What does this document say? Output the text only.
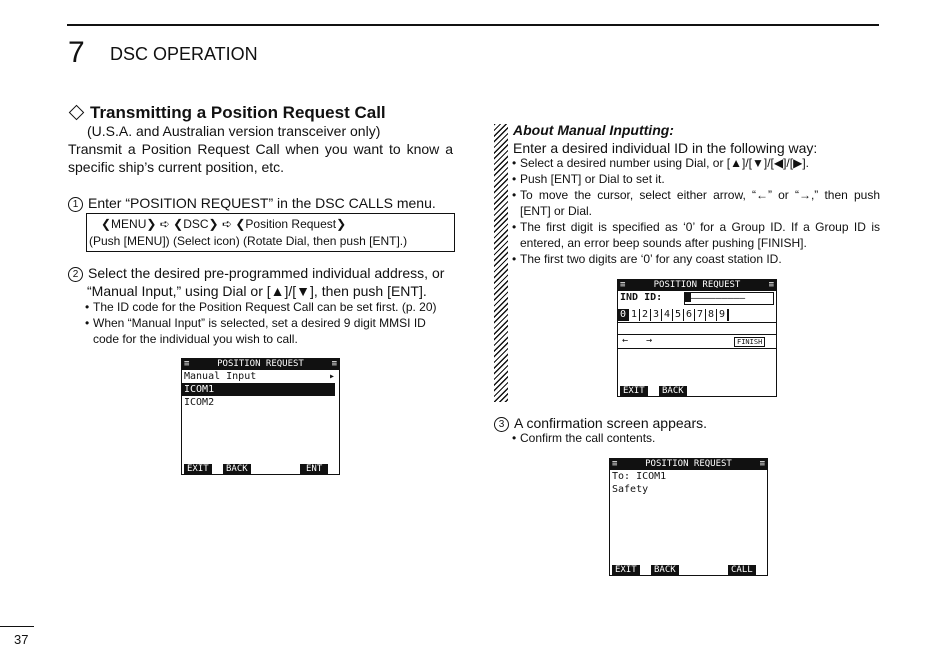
7 DSC OPERATION
Transmitting a Position Request Call
(U.S.A. and Australian version transceiver only)
Transmit a Position Request Call when you want to know a
specific ship’s current position, etc.
1 Enter “POSITION REQUEST” in the DSC CALLS menu.
❮MENU❯ ➪ ❮DSC❯ ➪ ❮Position Request❯
(Push [MENU]) (Select icon) (Rotate Dial, then push [ENT].)
2 Select the desired pre-programmed individual address, or
“Manual Input,” using Dial or [▲]/[▼], then push [ENT].
• The ID code for the Position Request Call can be set first. (p. 20)
• When “Manual Input” is selected, set a desired 9 digit MMSI ID
code for the individual you wish to call.
≡	POSITION REQUEST	≡
Manual Input	▸
ICOM1
ICOM2
EXIT	BACK	ENT
About Manual Inputting:
Enter a desired individual ID in the following way:
• Select a desired number using Dial, or [▲]/[▼]/[◀]/[▶].
• Push [ENT] or Dial to set it.
• To move the cursor, select either arrow, “←” or “→,” then push
[ENT] or Dial.
• The first digit is specified as ‘0’ for a Group ID. If a Group ID is
entered, an error beep sounds after pushing [FINISH].
• The first two digits are ‘0’ for any coast station ID.
≡	POSITION REQUEST	≡
IND ID:	–––––––––
0 1 2 3 4 5 6 7 8 9
← →	FINISH
EXIT	BACK
3 A confirmation screen appears.
• Confirm the call contents.
≡	POSITION REQUEST	≡
To: ICOM1
Safety
EXIT	BACK	CALL
37
